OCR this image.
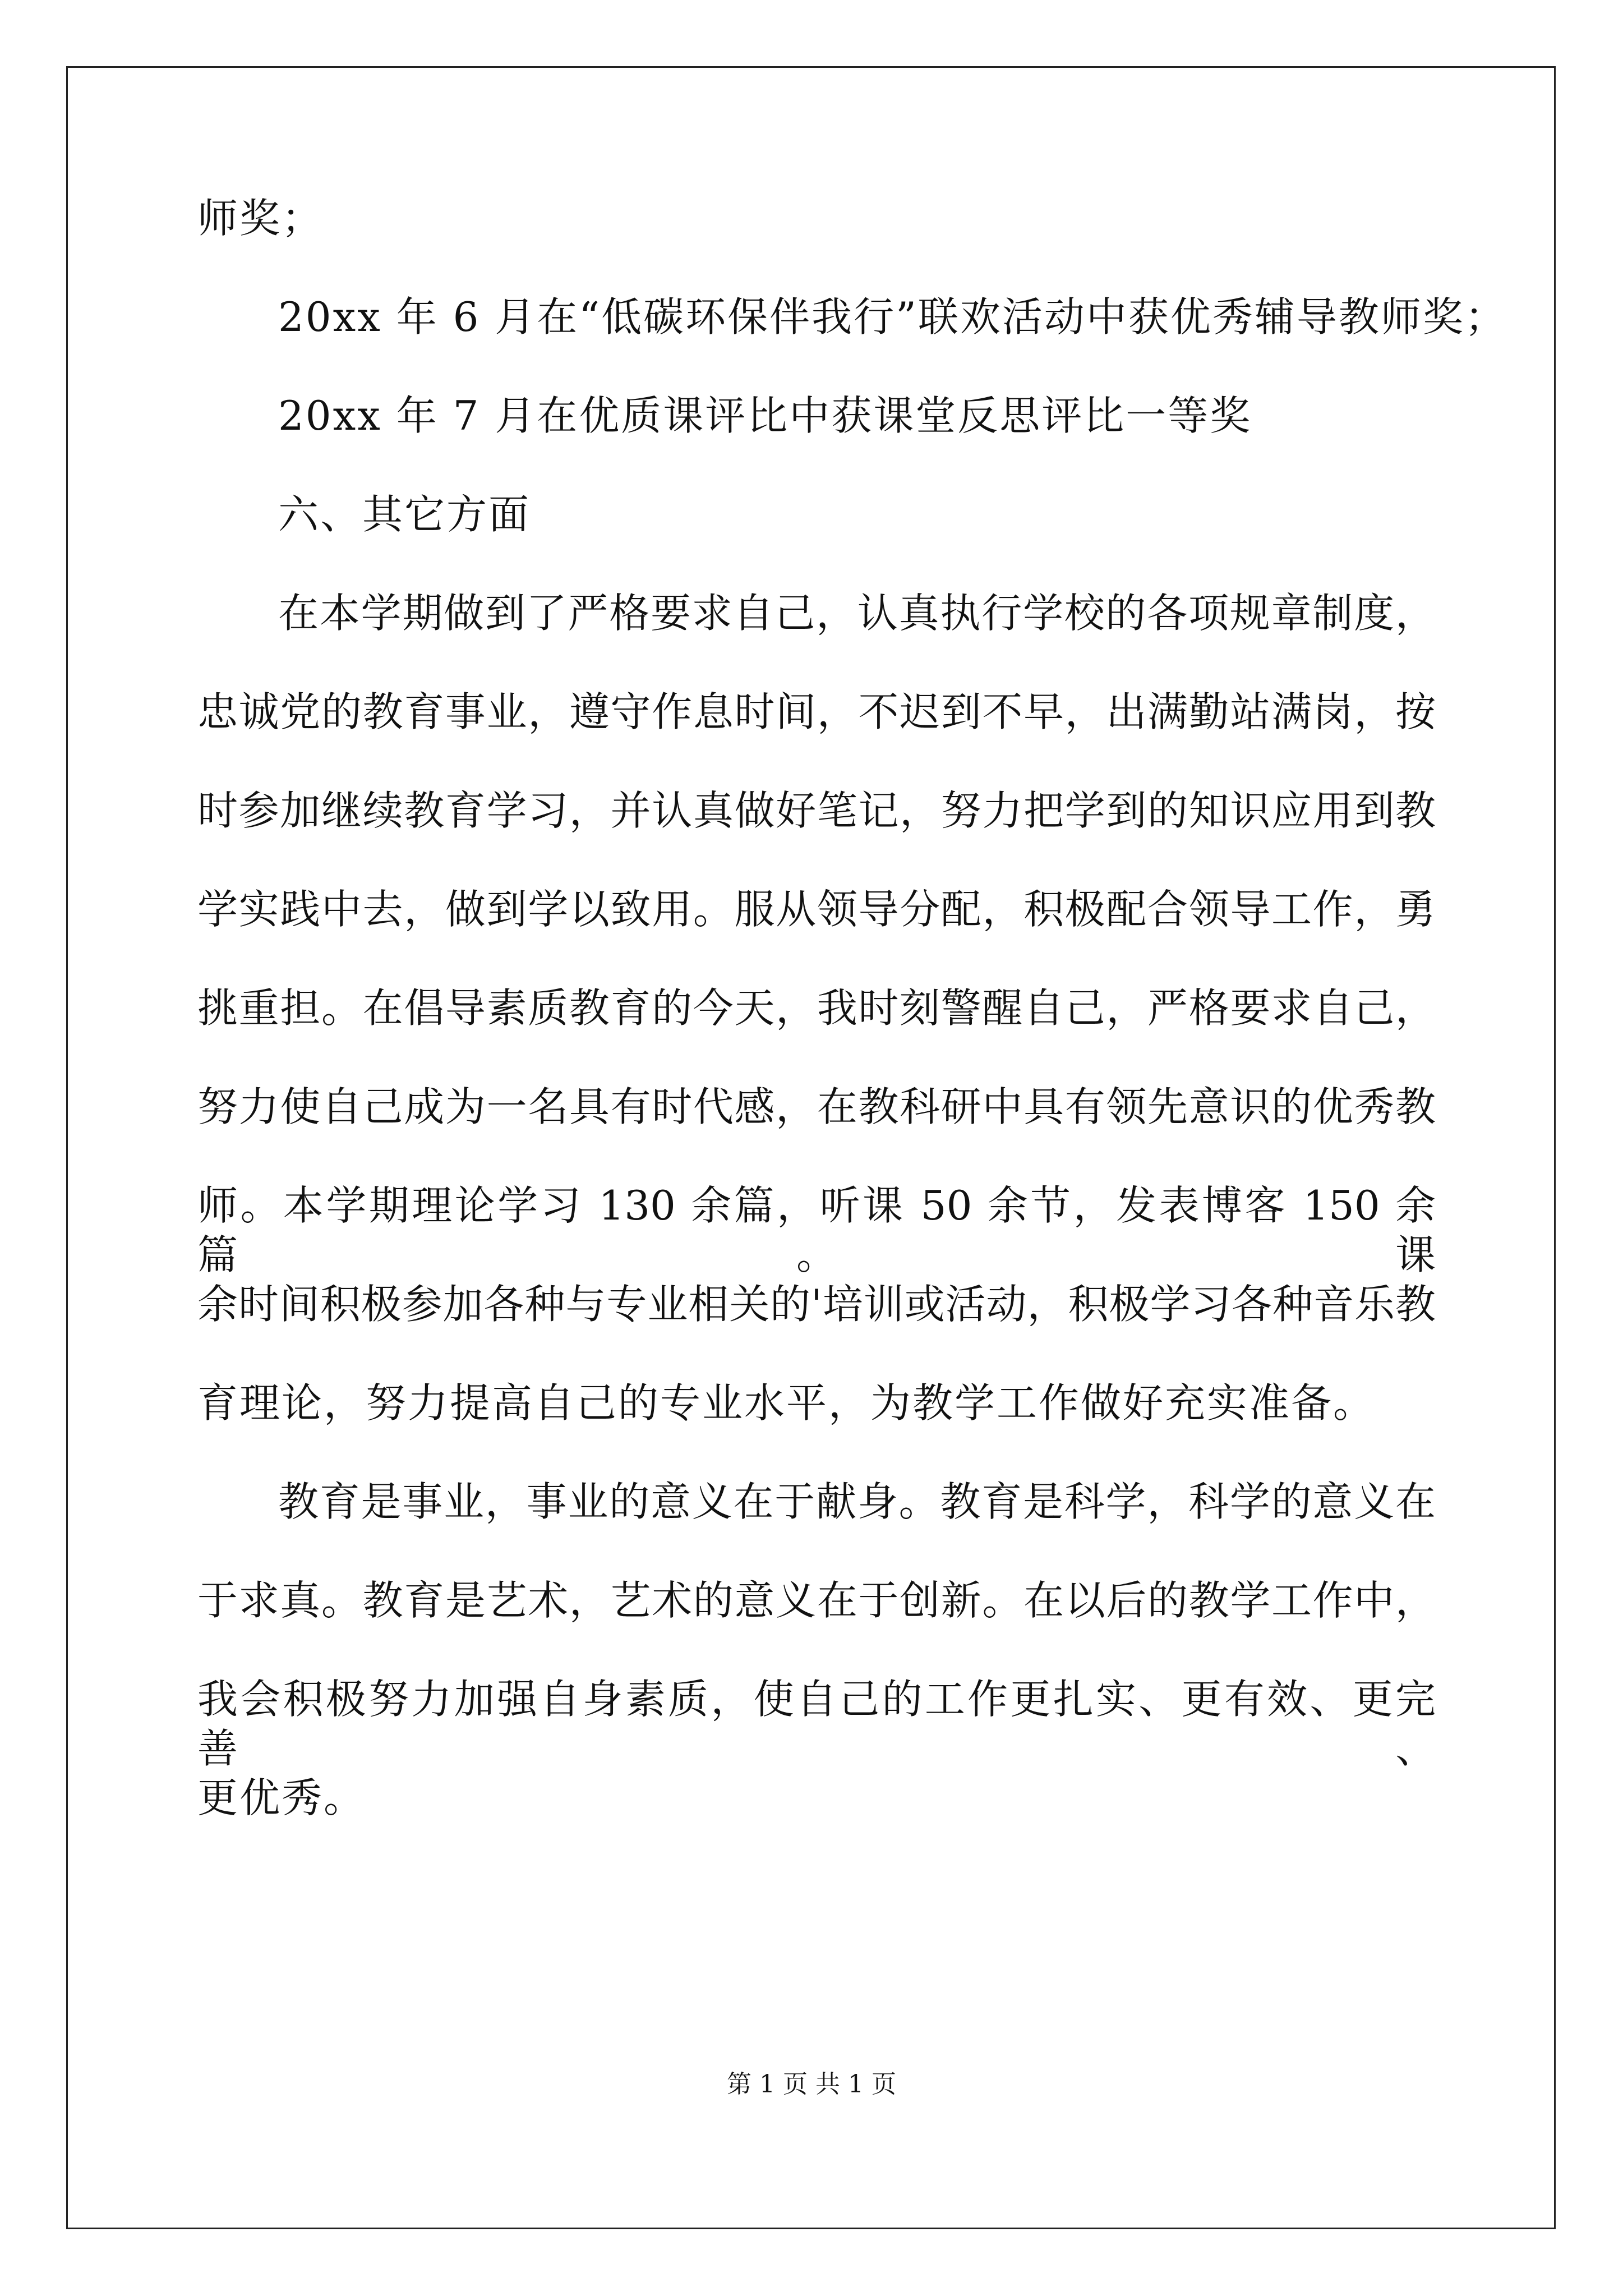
师奖；
20xx 年 6 月在“低碳环保伴我行”联欢活动中获优秀辅导教师奖；
20xx 年 7 月在优质课评比中获课堂反思评比一等奖
六、其它方面
在本学期做到了严格要求自己，认真执行学校的各项规章制度，
忠诚党的教育事业，遵守作息时间，不迟到不早，出满勤站满岗，按
时参加继续教育学习，并认真做好笔记，努力把学到的知识应用到教
学实践中去，做到学以致用。服从领导分配，积极配合领导工作，勇
挑重担。在倡导素质教育的今天，我时刻警醒自己，严格要求自己，
努力使自己成为一名具有时代感，在教科研中具有领先意识的优秀教
师。本学期理论学习 130 余篇，听课 50 余节，发表博客 150 余篇。课
余时间积极参加各种与专业相关的'培训或活动，积极学习各种音乐教
育理论，努力提高自己的专业水平，为教学工作做好充实准备。
教育是事业，事业的意义在于献身。教育是科学，科学的意义在
于求真。教育是艺术，艺术的意义在于创新。在以后的教学工作中，
我会积极努力加强自身素质，使自己的工作更扎实、更有效、更完善、
更优秀。
第 1 页 共 1 页
